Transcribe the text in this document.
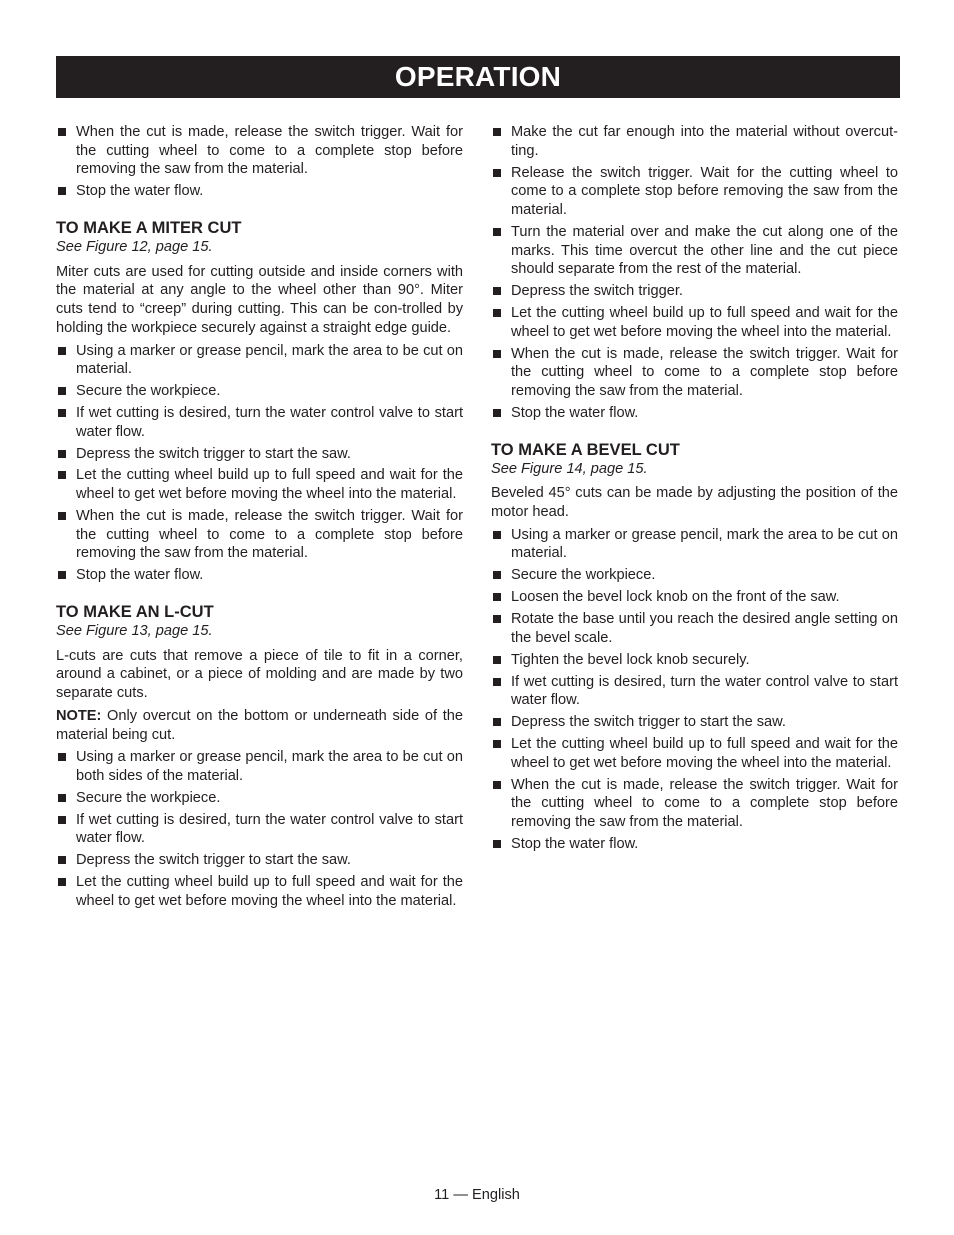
OPERATION
When the cut is made, release the switch trigger. Wait for the cutting wheel to come to a complete stop before removing the saw from the material.
Stop the water flow.
TO MAKE A MITER CUT
See Figure 12, page 15.

Miter cuts are used for cutting outside and inside corners with the material at any angle to the wheel other than 90°. Miter cuts tend to “creep” during cutting. This can be con-trolled by holding the workpiece securely against a straight edge guide.

Using a marker or grease pencil, mark the area to be cut on material.
Secure the workpiece.
If wet cutting is desired, turn the water control valve to start water flow.
Depress the switch trigger to start the saw.
Let the cutting wheel build up to full speed and wait for the wheel to get wet before moving the wheel into the material.
When the cut is made, release the switch trigger. Wait for the cutting wheel to come to a complete stop before removing the saw from the material.
Stop the water flow.
TO MAKE AN L-CUT
See Figure 13, page 15.

L-cuts are cuts that remove a piece of tile to fit in a corner, around a cabinet, or a piece of molding and are made by two separate cuts.

NOTE: Only overcut on the bottom or underneath side of the material being cut.

Using a marker or grease pencil, mark the area to be cut on both sides of the material.
Secure the workpiece.
If wet cutting is desired, turn the water control valve to start water flow.
Depress the switch trigger to start the saw.
Let the cutting wheel build up to full speed and wait for the wheel to get wet before moving the wheel into the material.
Make the cut far enough into the material without overcut-ting.
Release the switch trigger. Wait for the cutting wheel to come to a complete stop before removing the saw from the material.
Turn the material over and make the cut along one of the marks. This time overcut the other line and the cut piece should separate from the rest of the material.
Depress the switch trigger.
Let the cutting wheel build up to full speed and wait for the wheel to get wet before moving the wheel into the material.
When the cut is made, release the switch trigger. Wait for the cutting wheel to come to a complete stop before removing the saw from the material.
Stop the water flow.
TO MAKE A BEVEL CUT
See Figure 14, page 15.

Beveled 45° cuts can be made by adjusting the position of the motor head.

Using a marker or grease pencil, mark the area to be cut on material.
Secure the workpiece.
Loosen the bevel lock knob on the front of the saw.
Rotate the base until you reach the desired angle setting on the bevel scale.
Tighten the bevel lock knob securely.
If wet cutting is desired, turn the water control valve to start water flow.
Depress the switch trigger to start the saw.
Let the cutting wheel build up to full speed and wait for the wheel to get wet before moving the wheel into the material.
When the cut is made, release the switch trigger. Wait for the cutting wheel to come to a complete stop before removing the saw from the material.
Stop the water flow.
11 — English
